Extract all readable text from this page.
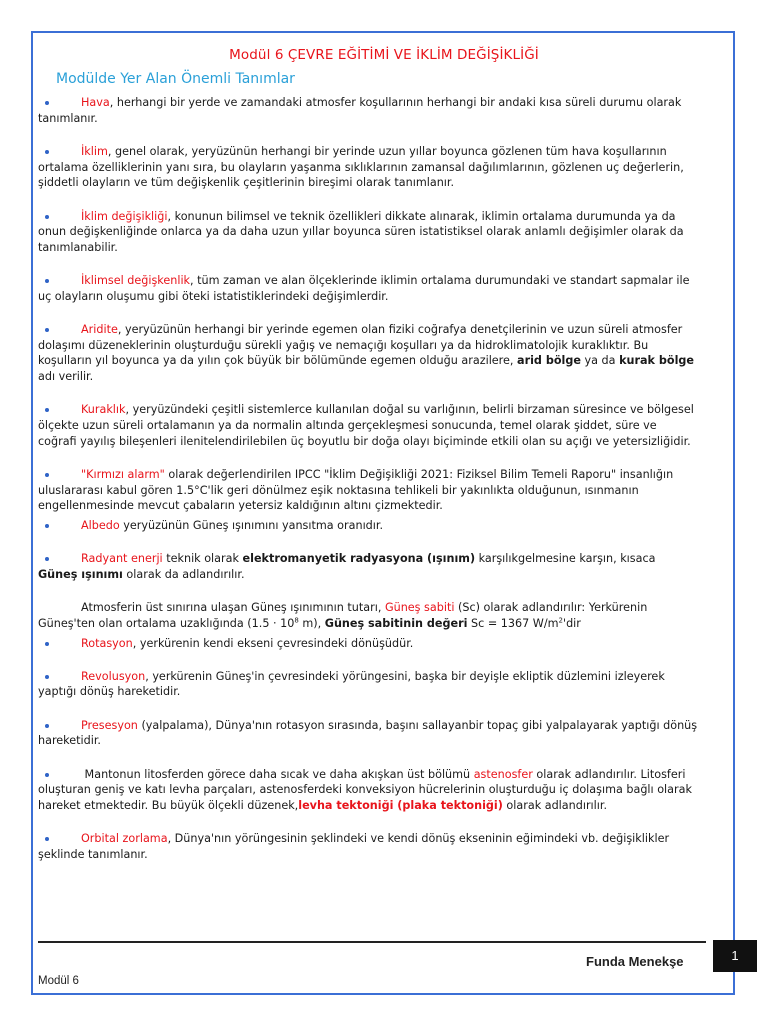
Modül 6 ÇEVRE EĞİTİMİ VE İKLİM DEĞİŞİKLİĞİ
Modülde Yer Alan Önemli Tanımlar
Hava, herhangi bir yerde ve zamandaki atmosfer koşullarının herhangi bir andaki kısa süreli durumu olarak tanımlanır.
İklim, genel olarak, yeryüzünün herhangi bir yerinde uzun yıllar boyunca gözlenen tüm hava koşullarının ortalama özelliklerinin yanı sıra, bu olayların yaşanma sıklıklarının zamansal dağılımlarının, gözlenen uç değerlerin, şiddetli olayların ve tüm değişkenlik çeşitlerinin bireşimi olarak tanımlanır.
İklim değişikliği, konunun bilimsel ve teknik özellikleri dikkate alınarak, iklimin ortalama durumunda ya da onun değişkenliğinde onlarca ya da daha uzun yıllar boyunca süren istatistiksel olarak anlamlı değişimler olarak da tanımlanabilir.
İklimsel değişkenlik, tüm zaman ve alan ölçeklerinde iklimin ortalama durumundaki ve standart sapmalar ile uç olayların oluşumu gibi öteki istatistiklerindeki değişimlerdir.
Aridite, yeryüzünün herhangi bir yerinde egemen olan fiziki coğrafya denetçilerinin ve uzun süreli atmosfer dolaşımı düzeneklerinin oluşturduğu sürekli yağış ve nemaçığı koşulları ya da hidroklimatolojik kuraklıktır. Bu koşulların yıl boyunca ya da yılın çok büyük bir bölümünde egemen olduğu arazilere, arid bölge ya da kurak bölge adı verilir.
Kuraklık, yeryüzündeki çeşitli sistemlerce kullanılan doğal su varlığının, belirli birzaman süresince ve bölgesel ölçekte uzun süreli ortalamanın ya da normalin altında gerçekleşmesi sonucunda, temel olarak şiddet, süre ve coğrafi yayılış bileşenleri ilenitelendirilebilen üç boyutlu bir doğa olayı biçiminde etkili olan su açığı ve yetersizliğidir.
"Kırmızı alarm" olarak değerlendirilen IPCC "İklim Değişikliği 2021: Fiziksel Bilim Temeli Raporu" insanlığın uluslararası kabul gören 1.5°C'lik geri dönülmez eşik noktasına tehlikeli bir yakınlıkta olduğunun, ısınmanın engellenmesinde mevcut çabaların yetersiz kaldığının altını çizmektedir.
Albedo yeryüzünün Güneş ışınımını yansıtma oranıdır.
Radyant enerji teknik olarak elektromanyetik radyasyona (ışınım) karşılıkgelmesine karşın, kısaca Güneş ışınımı olarak da adlandırılır.
Atmosferin üst sınırına ulaşan Güneş ışınımının tutarı, Güneş sabiti (Sc) olarak adlandırılır: Yerkürenin Güneş'ten olan ortalama uzaklığında ($1.5 \cdot 10^8$ m), Güneş sabitinin değeri Sc = 1367 $W/m^2'dir$
Rotasyon, yerkürenin kendi ekseni çevresindeki dönüşüdür.
Revolusyon, yerkürenin Güneş'in çevresindeki yörüngesini, başka bir deyişle ekliptik düzlemini izleyerek yaptığı dönüş hareketidir.
Presesyon (yalpalama), Dünya'nın rotasyon sırasında, başını sallayanbir topaç gibi yalpalayarak yaptığı dönüş hareketidir.
Mantonun litosferden görece daha sıcak ve daha akışkan üst bölümü astenosfer olarak adlandırılır. Litosferi oluşturan geniş ve katı levha parçaları, astenosferdeki konveksiyon hücrelerinin oluşturduğu iç dolaşıma bağlı olarak hareket etmektedir. Bu büyük ölçekli düzenek,levha tektoniği (plaka tektoniği) olarak adlandırılır.
Orbital zorlama, Dünya'nın yörüngesinin şeklindeki ve kendi dönüş ekseninin eğimindeki vb. değişiklikler şeklinde tanımlanır.
Funda Menekşe	1
Modül 6
